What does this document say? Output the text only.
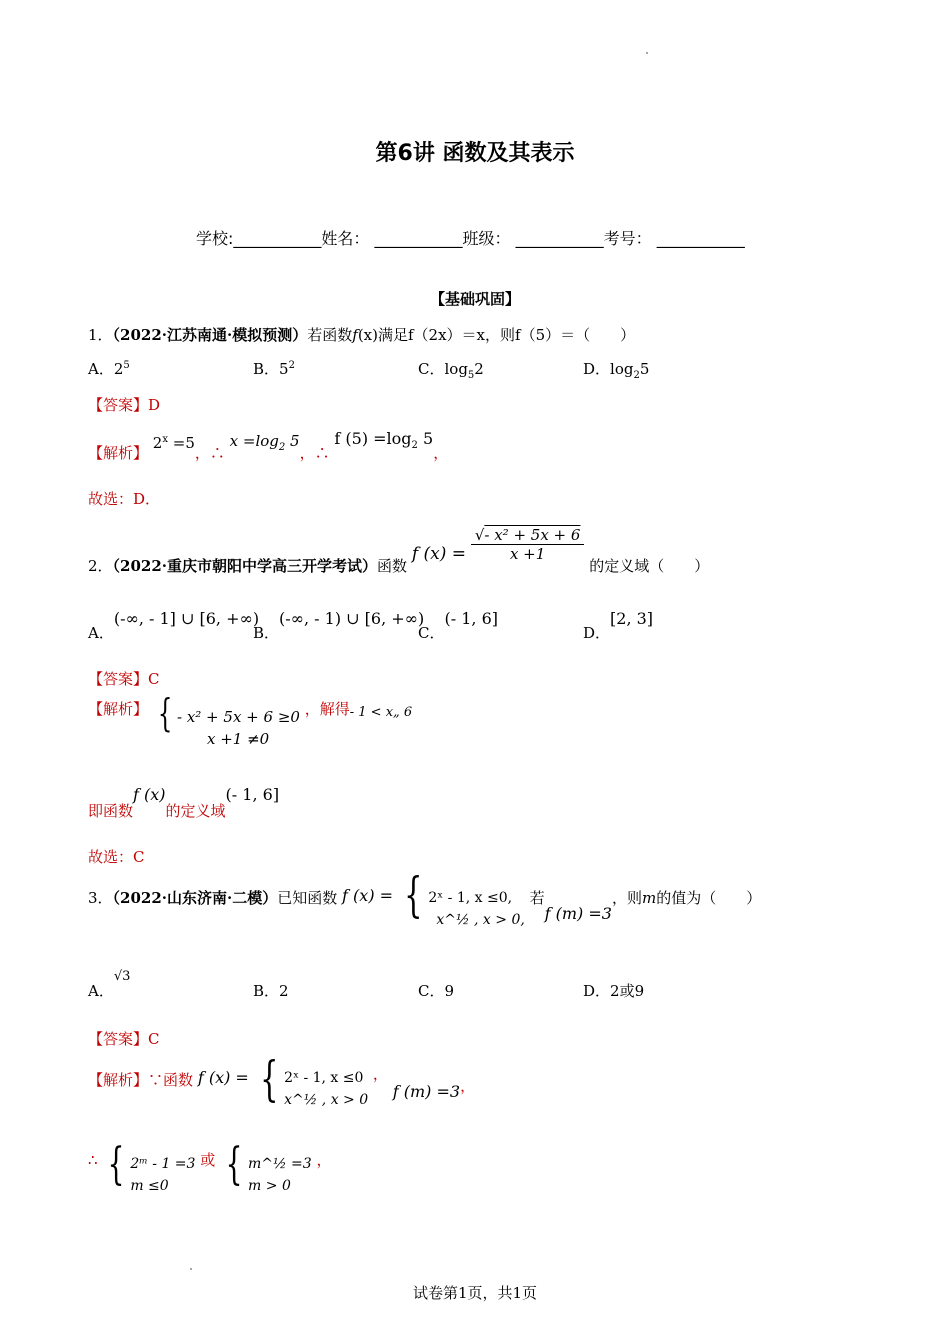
第6讲 函数及其表示
学校:___________姓名： ___________班级： ___________考号： ___________
【基础巩固】
1．（2022·江苏南通·模拟预测）若函数f(x)满足f（2x）＝x，则f（5）＝（　　）
A．$2^5$	B．$5^2$	C．$\log_52$	D．$\log_25$
【答案】D
【解析】 $2^x =5$，∴ $x =\log_2$ 5，∴ f $(5) =\log_2$ 5，
故选：D．
2．（2022·重庆市朝阳中学高三开学考试）函数 f $(x) = \frac{\text{√- x² + 5x + 6}}{x +1}$
的定义域（　　）
A．(-∞, - 1] ∪ [6, +∞)
B．(-∞, - 1) ∪ [6, +∞)
C．(- 1, 6]
D．[2, 3]
【答案】C
【解析】 { - x² + 5x + 6 ≥0
x +1 ≠0
，解得- 1 < x„ 6
即函数f (x)的定义域(- 1, 6]
故选：C
3．（2022·山东济南·二模）已知函数 f (x) = { 2ˣ - 1, x ≤0,
x^½ , x > 0,
若f (m) =3，则m的值为（　　）
A．√3
B．2	C．9	D．2或9
【答案】C
【解析】∵函数 f (x) = { 2ˣ - 1, x ≤0
x^½ , x > 0
， f (m) =3，
∴ { 2ᵐ - 1 =3
m ≤0
或 { m^½ =3
m > 0
，
试卷第1页，共1页
